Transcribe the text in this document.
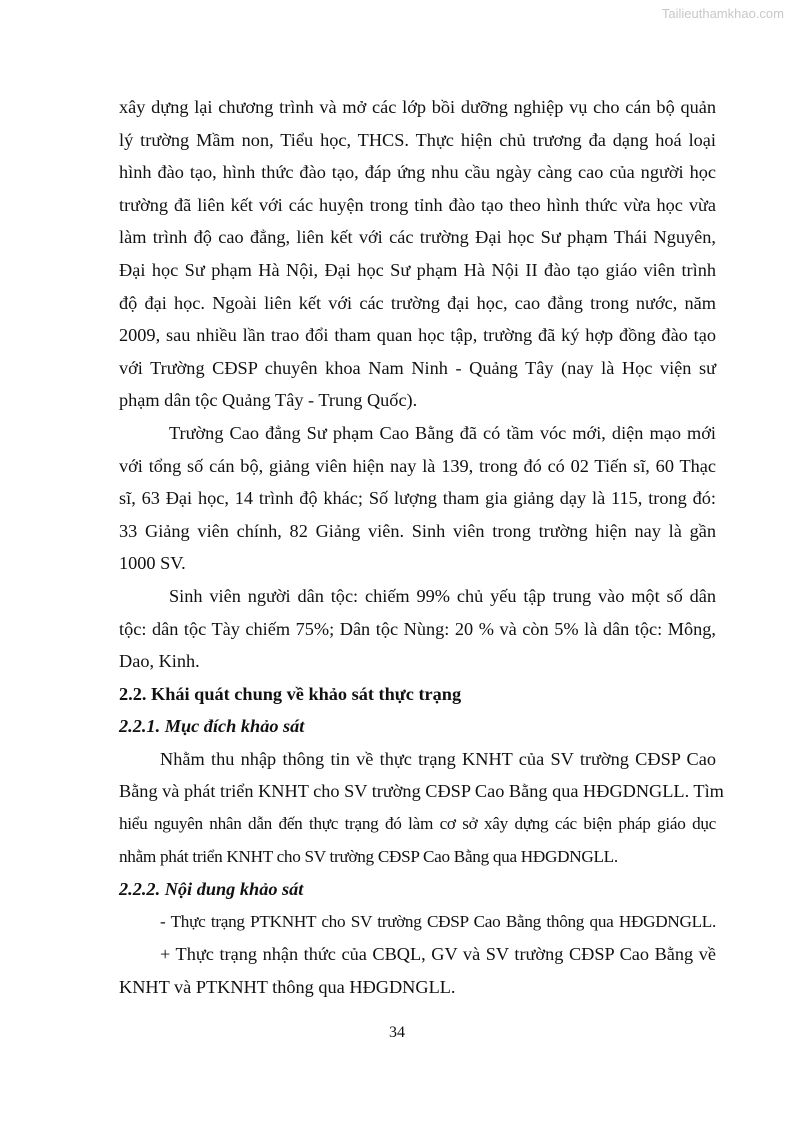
Tailieuthamkhao.com
xây dựng lại chương trình và mở các lớp bồi dưỡng nghiệp vụ cho cán bộ quản
lý trường Mầm non, Tiểu học, THCS. Thực hiện chủ trương đa dạng hoá loại
hình đào tạo, hình thức đào tạo, đáp ứng nhu cầu ngày càng cao của người học
trường đã liên kết với các huyện trong tỉnh đào tạo theo hình thức vừa học vừa
làm trình độ cao đẳng, liên kết với các trường Đại học Sư phạm Thái Nguyên,
Đại học Sư phạm Hà Nội, Đại học Sư phạm Hà Nội II đào tạo giáo viên trình
độ đại học. Ngoài liên kết với các trường đại học, cao đẳng trong nước, năm
2009, sau nhiều lần trao đổi tham quan học tập, trường đã ký hợp đồng đào tạo
với Trường CĐSP chuyên khoa Nam Ninh - Quảng Tây (nay là Học viện sư
phạm dân tộc Quảng Tây - Trung Quốc).
Trường Cao đẳng Sư phạm Cao Bằng đã có tầm vóc mới, diện mạo mới
với tổng số cán bộ, giảng viên hiện nay là 139, trong đó có 02 Tiến sĩ, 60 Thạc
sĩ, 63 Đại học, 14 trình độ khác; Số lượng tham gia giảng dạy là 115, trong đó:
33 Giảng viên chính, 82 Giảng viên. Sinh viên trong trường hiện nay là gần
1000 SV.
Sinh viên người dân tộc: chiếm 99% chủ yếu tập trung vào một số dân
tộc: dân tộc Tày chiếm 75%; Dân tộc Nùng: 20 % và còn 5% là dân tộc: Mông,
Dao, Kinh.
2.2. Khái quát chung về khảo sát thực trạng
2.2.1. Mục đích khảo sát
Nhằm thu nhập thông tin về thực trạng KNHT của SV trường CĐSP Cao
Bằng và phát triển KNHT cho SV trường CĐSP Cao Bằng qua HĐGDNGLL. Tìm
hiểu nguyên nhân dẫn đến thực trạng đó làm cơ sở xây dựng các biện pháp giáo dục
nhằm phát triển KNHT cho SV trường CĐSP Cao Bằng qua HĐGDNGLL.
2.2.2. Nội dung khảo sát
- Thực trạng PTKNHT cho SV trường CĐSP Cao Bằng thông qua HĐGDNGLL.
+ Thực trạng nhận thức của CBQL, GV và SV trường CĐSP Cao Bằng về
KNHT và PTKNHT thông qua HĐGDNGLL.
34
